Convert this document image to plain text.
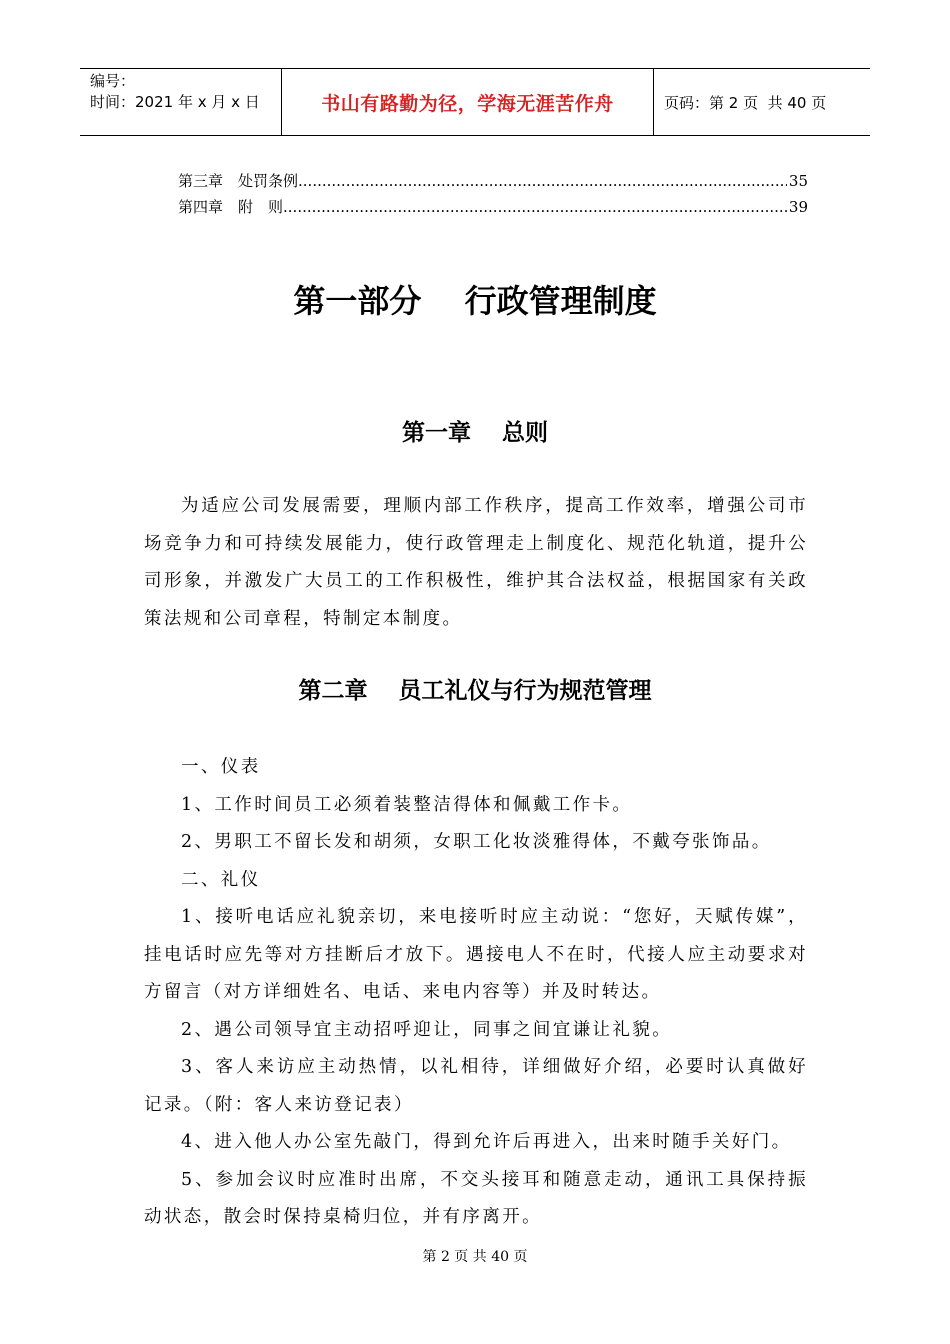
编号：
时间：2021 年 x 月 x 日	书山有路勤为径，学海无涯苦作舟	页码：第 2 页  共 40 页
第三章　处罚条例 .....	35
第四章　附　则 .....	39
第一部分　 行政管理制度
第一章　 总则

为适应公司发展需要，理顺内部工作秩序，提高工作效率，增强公司市场竞争力和可持续发展能力，使行政管理走上制度化、规范化轨道，提升公司形象，并激发广大员工的工作积极性，维护其合法权益，根据国家有关政策法规和公司章程，特制定本制度。

第二章　 员工礼仪与行为规范管理

一、仪表

1、工作时间员工必须着装整洁得体和佩戴工作卡。

2、男职工不留长发和胡须，女职工化妆淡雅得体，不戴夸张饰品。

二、礼仪

1、接听电话应礼貌亲切，来电接听时应主动说：“您好，天赋传媒”，挂电话时应先等对方挂断后才放下。遇接电人不在时，代接人应主动要求对方留言（对方详细姓名、电话、来电内容等）并及时转达。

2、遇公司领导宜主动招呼迎让，同事之间宜谦让礼貌。

3、客人来访应主动热情，以礼相待，详细做好介绍，必要时认真做好记录。（附：客人来访登记表）

4、进入他人办公室先敲门，得到允许后再进入，出来时随手关好门。

5、参加会议时应准时出席，不交头接耳和随意走动，通讯工具保持振动状态，散会时保持桌椅归位，并有序离开。

第 2 页 共 40 页
